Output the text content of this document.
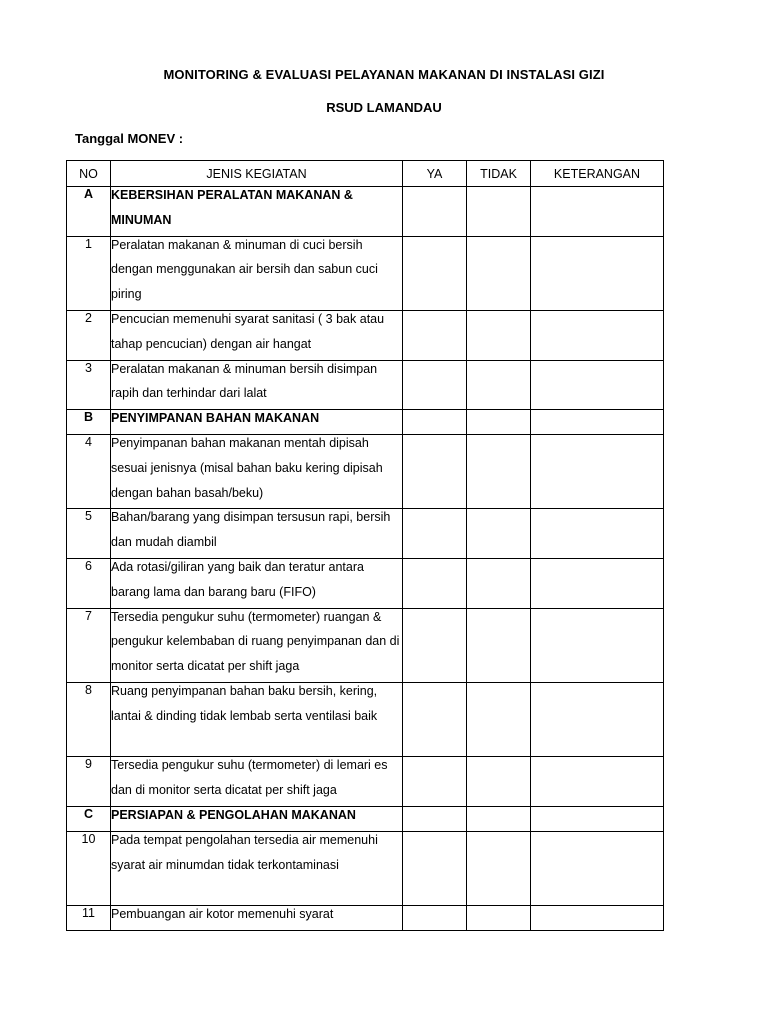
MONITORING & EVALUASI PELAYANAN MAKANAN DI INSTALASI GIZI
RSUD LAMANDAU
Tanggal MONEV :
NO	JENIS KEGIATAN	YA	TIDAK	KETERANGAN

A	KEBERSIHAN PERALATAN MAKANAN & MINUMAN			

1	Peralatan makanan & minuman di cuci bersih dengan menggunakan air bersih dan sabun cuci piring			

2	Pencucian memenuhi syarat sanitasi ( 3 bak atau tahap pencucian) dengan air hangat			

3	Peralatan makanan & minuman bersih disimpan rapih dan terhindar dari lalat			

B	PENYIMPANAN BAHAN MAKANAN			

4	Penyimpanan bahan makanan mentah dipisah sesuai jenisnya (misal bahan baku kering dipisah dengan bahan basah/beku)			

5	Bahan/barang yang disimpan tersusun rapi, bersih dan mudah diambil			

6	Ada rotasi/giliran yang baik dan teratur antara barang lama dan barang baru (FIFO)			

7	Tersedia pengukur suhu (termometer) ruangan & pengukur kelembaban di ruang penyimpanan dan di monitor serta dicatat per shift jaga			

8	Ruang penyimpanan bahan baku bersih, kering, lantai & dinding tidak lembab serta ventilasi baik			

9	Tersedia pengukur suhu (termometer) di lemari es dan di monitor serta dicatat per shift jaga			

C	PERSIAPAN & PENGOLAHAN MAKANAN			

10	Pada tempat pengolahan tersedia air memenuhi syarat air minumdan tidak terkontaminasi			

11	Pembuangan air kotor memenuhi syarat			
